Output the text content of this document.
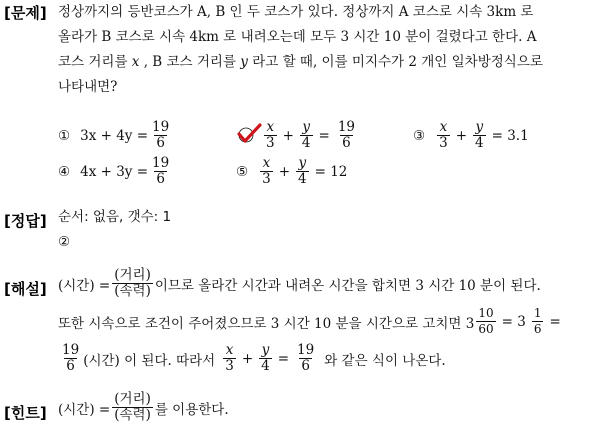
[문제] 정상까지의 등반코스가 A, B 인 두 코스가 있다. 정상까지 A 코스로 시속 3km 로
올라가 B 코스로 시속 4km 로 내려오는데 모두 3 시간 10 분이 걸렸다고 한다. A
코스 거리를 x , B 코스 거리를 y 라고 할 때, 이를 미지수가 2 개인 일차방정식으로
나타내면?
① $3x + 4y = \frac{19}{6}$	$\frac{x}{3} + \frac{y}{4} = \frac{19}{6}$	③ $\frac{x}{3} + \frac{y}{4} = 3.1$
④ $4x + 3y = \frac{19}{6}$	⑤ $\frac{x}{3} + \frac{y}{4} = 12$
[정답] 순서: 없음, 갯수: 1
②
[해설] (시간) = $\frac{\text{(거리)}}{\text{(속력)}}$ 이므로 올라간 시간과 내려온 시간을 합치면 3 시간 10 분이 된다.
또한 시속으로 조건이 주어졌으므로 3 시간 10 분을 시간으로 고치면 $3 \frac{10}{60} = 3 \frac{1}{6}$ =
$\frac{19}{6}$ (시간) 이 된다. 따라서 $\frac{x}{3} + \frac{y}{4} = \frac{19}{6}$ 와 같은 식이 나온다.
[힌트] (시간) = $\frac{\text{(거리)}}{\text{(속력)}}$ 를 이용한다.
